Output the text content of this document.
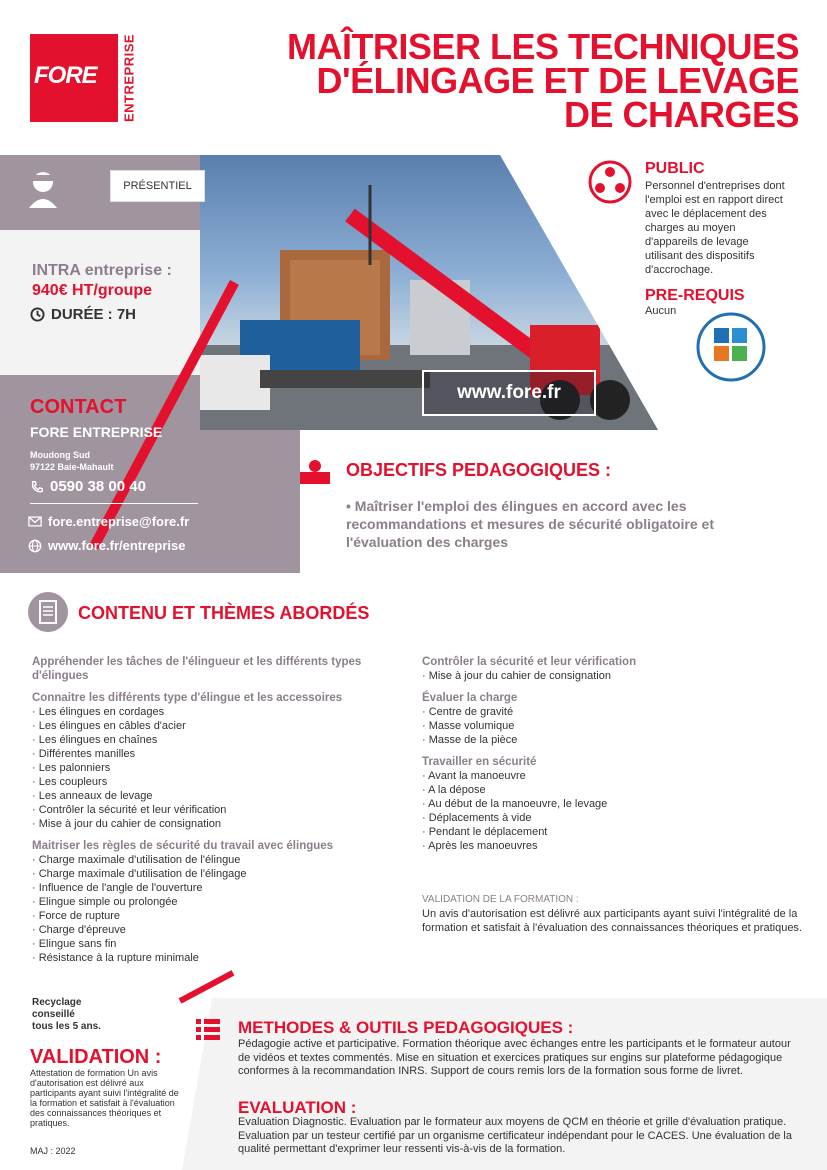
FORE ENTREPRISE	MAÎTRISER LES TECHNIQUES
D'ÉLINGAGE ET DE LEVAGE
DE CHARGES
PRÉSENTIEL
INTRA entreprise :
940€ HT/groupe
DURÉE : 7H
CONTACT
FORE ENTREPRISE
Moudong Sud
97122 Baie-Mahault
0590 38 00 40
fore.entreprise@fore.fr
www.fore.fr/entreprise
www.fore.fr
PUBLIC
Personnel d'entreprises dont l'emploi est en rapport direct avec le déplacement des charges au moyen d'appareils de levage utilisant des dispositifs d'accrochage.
PRE-REQUIS
Aucun
OBJECTIFS PEDAGOGIQUES :
• Maîtriser l'emploi des élingues en accord avec les recommandations et mesures de sécurité obligatoire et l'évaluation des charges
CONTENU ET THÈMES ABORDÉS
Appréhender les tâches de l'élingueur et les différents types d'élingues
Connaitre les différents type d'élingue et les accessoires
· Les élingues en cordages
· Les élingues en câbles d'acier
· Les élingues en chaînes
· Différentes manilles
· Les palonniers
· Les coupleurs
· Les anneaux de levage
· Contrôler la sécurité et leur vérification
· Mise à jour du cahier de consignation
Maitriser les règles de sécurité du travail avec élingues
· Charge maximale d'utilisation de l'élingue
· Charge maximale d'utilisation de l'élingage
· Influence de l'angle de l'ouverture
· Elingue simple ou prolongée
· Force de rupture
· Charge d'épreuve
· Elingue sans fin
· Résistance à la rupture minimale
Contrôler la sécurité et leur vérification
· Mise à jour du cahier de consignation
Évaluer la charge
· Centre de gravité
· Masse volumique
· Masse de la pièce
Travailler en sécurité
· Avant la manoeuvre
· A la dépose
· Au début de la manoeuvre, le levage
· Déplacements à vide
· Pendant le déplacement
· Après les manoeuvres
VALIDATION DE LA FORMATION :
Un avis d'autorisation est délivré aux participants ayant suivi l'intégralité de la formation et satisfait à l'évaluation des connaissances théoriques et pratiques.
Recyclage
conseillé
tous les 5 ans.
VALIDATION :
Attestation de formation Un avis d'autorisation est délivré aux participants ayant suivi l'intégralité de la formation et satisfait à l'évaluation des connaissances théoriques et pratiques.
MAJ : 2022
METHODES & OUTILS PEDAGOGIQUES :
Pédagogie active et participative. Formation théorique avec échanges entre les participants et le formateur autour de vidéos et textes commentés. Mise en situation et exercices pratiques sur engins sur plateforme pédagogique conformes à la recommandation INRS. Support de cours remis lors de la formation sous forme de livret.
EVALUATION :
Evaluation Diagnostic. Evaluation par le formateur aux moyens de QCM en théorie et grille d'évaluation pratique. Evaluation par un testeur certifié par un organisme certificateur indépendant pour le CACES. Une évaluation de la qualité permettant d'exprimer leur ressenti vis-à-vis de la formation.
